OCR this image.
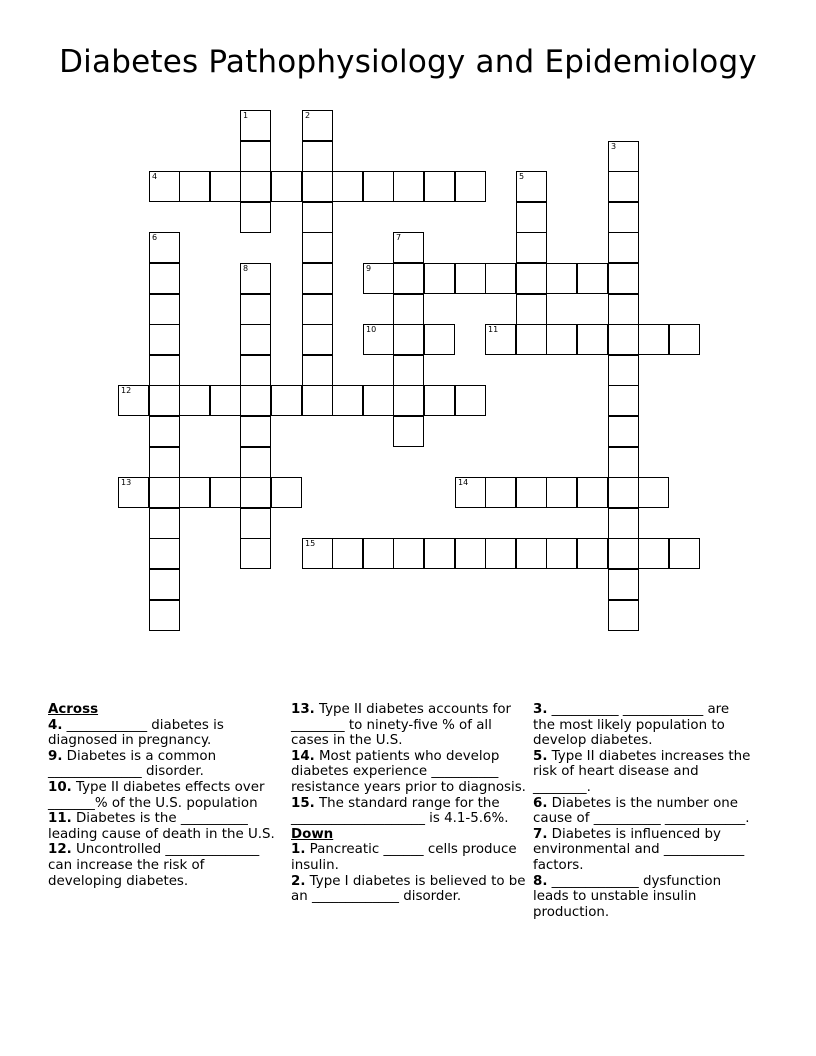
Diabetes Pathophysiology and Epidemiology
1	2
3
4	5
6	7
8	9
10	11
12
13	14
15
Across
4. ____________ diabetes is diagnosed in pregnancy.
9. Diabetes is a common ______________ disorder.
10. Type II diabetes effects over _______% of the U.S. population
11. Diabetes is the __________ leading cause of death in the U.S.
12. Uncontrolled ______________ can increase the risk of developing diabetes.
13. Type II diabetes accounts for ________ to ninety-five % of all cases in the U.S.
14. Most patients who develop diabetes experience __________ resistance years prior to diagnosis.
15. The standard range for the ____________________ is 4.1-5.6%.
Down
1. Pancreatic ______ cells produce insulin.
2. Type I diabetes is believed to be an _____________ disorder.
3. __________ ____________ are the most likely population to develop diabetes.
5. Type II diabetes increases the risk of heart disease and ________.
6. Diabetes is the number one cause of __________ ____________.
7. Diabetes is influenced by environmental and ____________ factors.
8. _____________ dysfunction leads to unstable insulin production.
